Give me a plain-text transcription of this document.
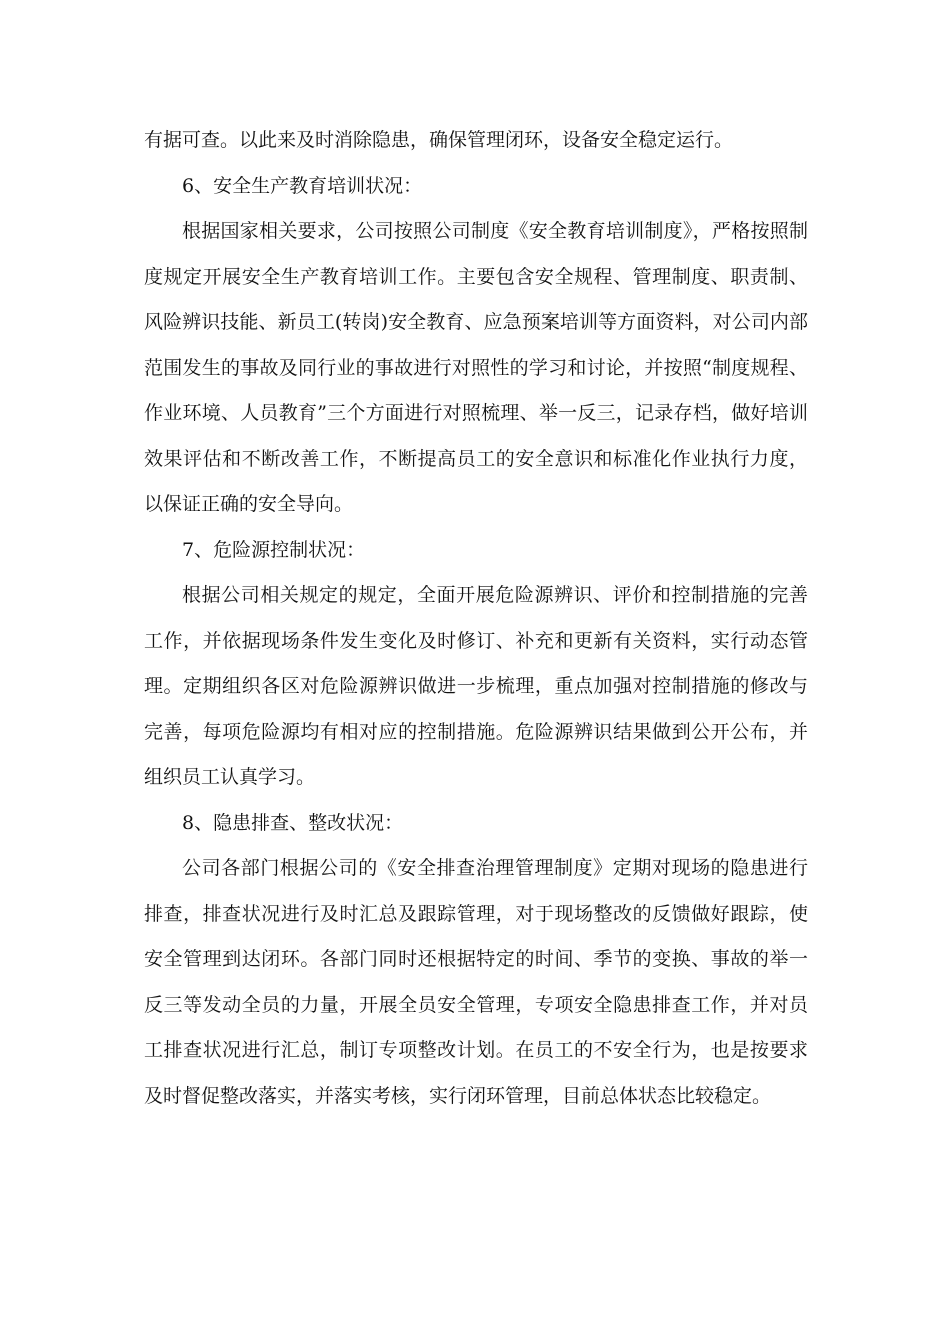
有据可查。以此来及时消除隐患，确保管理闭环，设备安全稳定运行。

6、安全生产教育培训状况：

根据国家相关要求，公司按照公司制度《安全教育培训制度》，严格按照制度规定开展安全生产教育培训工作。主要包含安全规程、管理制度、职责制、风险辨识技能、新员工(转岗)安全教育、应急预案培训等方面资料，对公司内部范围发生的事故及同行业的事故进行对照性的学习和讨论，并按照“制度规程、作业环境、人员教育”三个方面进行对照梳理、举一反三，记录存档，做好培训效果评估和不断改善工作，不断提高员工的安全意识和标准化作业执行力度，以保证正确的安全导向。

7、危险源控制状况：

根据公司相关规定的规定，全面开展危险源辨识、评价和控制措施的完善工作，并依据现场条件发生变化及时修订、补充和更新有关资料，实行动态管理。定期组织各区对危险源辨识做进一步梳理，重点加强对控制措施的修改与完善，每项危险源均有相对应的控制措施。危险源辨识结果做到公开公布，并组织员工认真学习。

8、隐患排查、整改状况：

公司各部门根据公司的《安全排查治理管理制度》定期对现场的隐患进行排查，排查状况进行及时汇总及跟踪管理，对于现场整改的反馈做好跟踪，使安全管理到达闭环。各部门同时还根据特定的时间、季节的变换、事故的举一反三等发动全员的力量，开展全员安全管理，专项安全隐患排查工作，并对员工排查状况进行汇总，制订专项整改计划。在员工的不安全行为，也是按要求及时督促整改落实，并落实考核，实行闭环管理，目前总体状态比较稳定。
